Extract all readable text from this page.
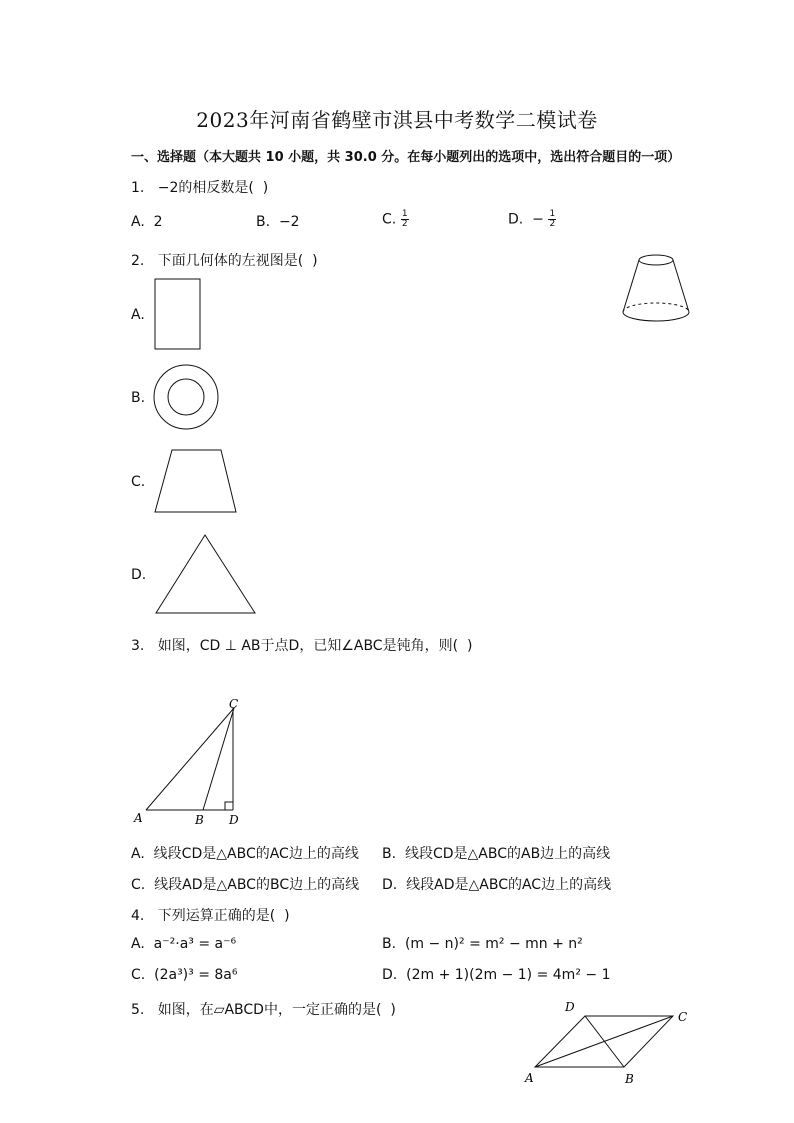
2023年河南省鹤壁市淇县中考数学二模试卷
一、选择题（本大题共 10 小题，共 30.0 分。在每小题列出的选项中，选出符合题目的一项）
1.   −2的相反数是(  )
A.  2	B.  −2	C. $\frac{1}{2}$	D.  − $\frac{1}{2}$
2.   下面几何体的左视图是(  )
A.
B.
C.
D.
3.   如图，CD ⊥ AB于点D，已知∠ABC是钝角，则(  )
C
A	B D
A.  线段CD是△ABC的AC边上的高线 B.  线段CD是△ABC的AB边上的高线
C.  线段AD是△ABC的BC边上的高线 D.  线段AD是△ABC的AC边上的高线
4.   下列运算正确的是(  )
A.  a⁻²⋅a³ = a⁻⁶	B.  (m − n)² = m² − mn + n²
C.  (2a³)³ = 8a⁶	D.  (2m + 1)(2m − 1) = 4m² − 1
5.   如图，在▱ABCD中，一定正确的是(  )	D
C
A	B
